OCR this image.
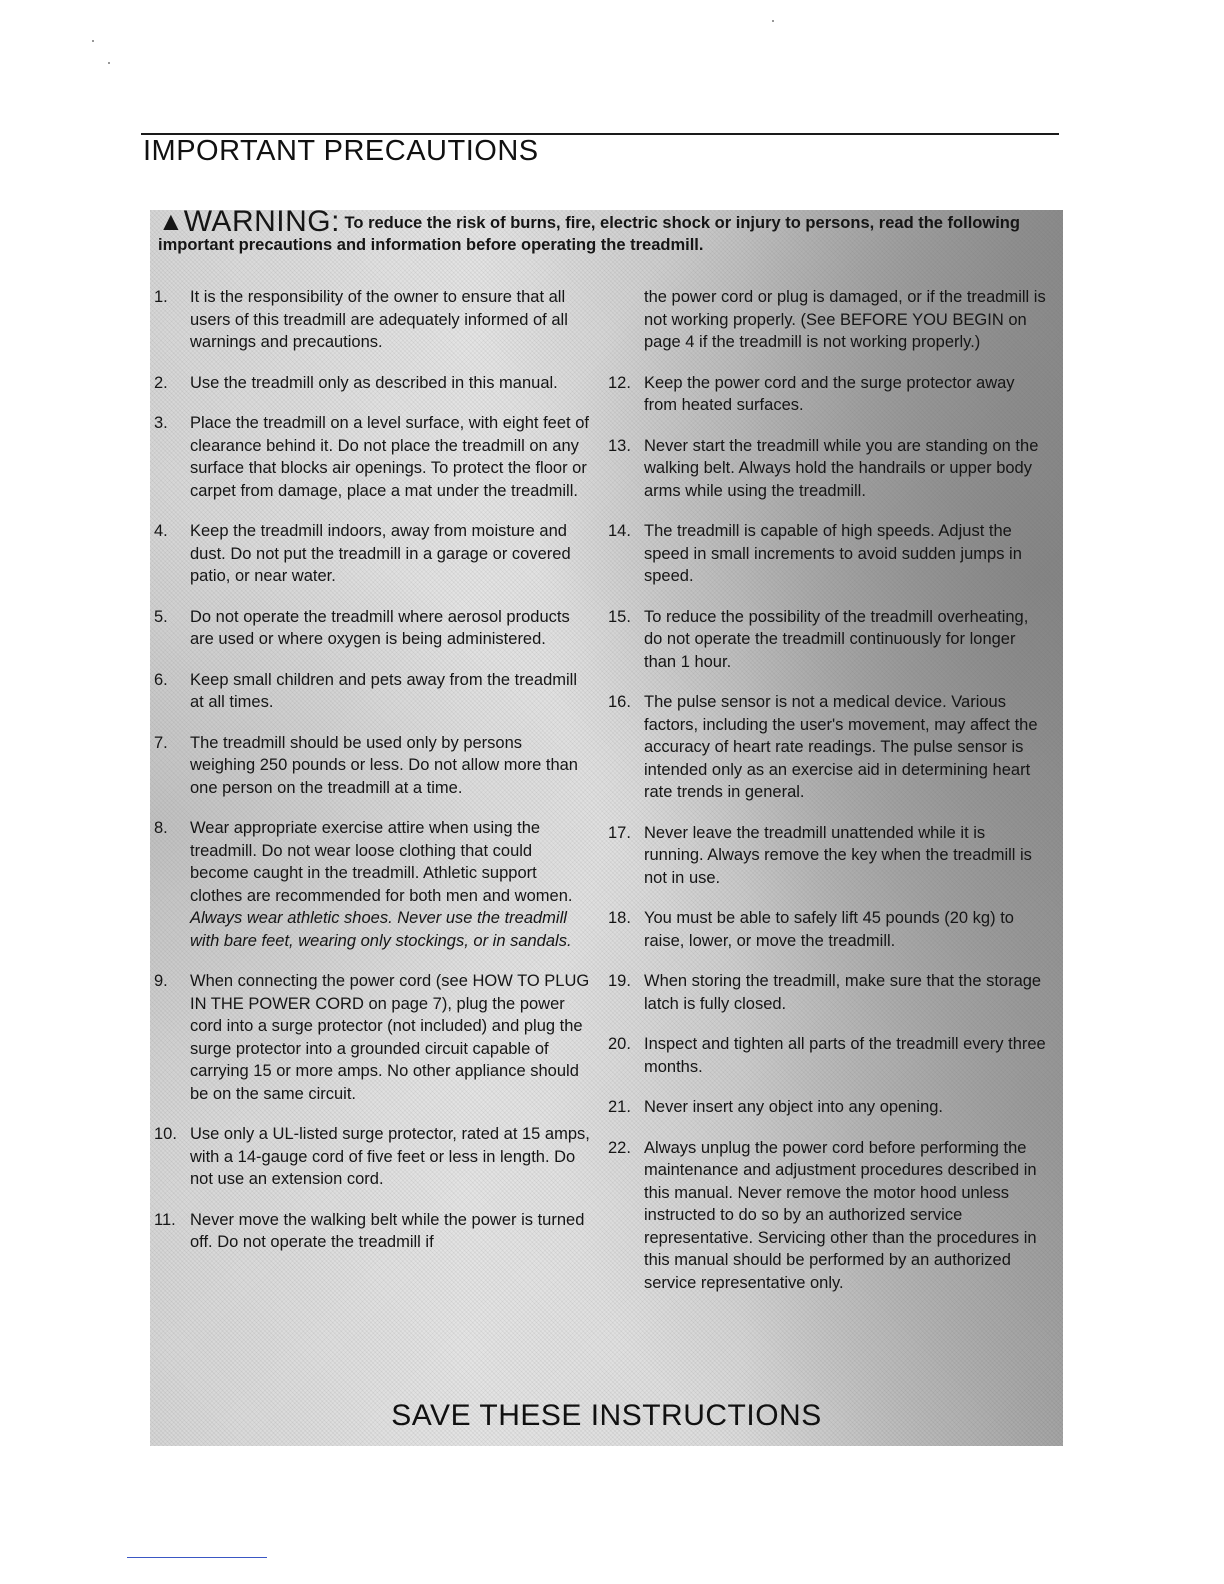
IMPORTANT PRECAUTIONS
▲WARNING: To reduce the risk of burns, fire, electric shock or injury to persons, read the following important precautions and information before operating the treadmill.
1.	It is the responsibility of the owner to ensure that all users of this treadmill are adequately informed of all warnings and precautions.
2.	Use the treadmill only as described in this manual.
3.	Place the treadmill on a level surface, with eight feet of clearance behind it. Do not place the treadmill on any surface that blocks air openings. To protect the floor or carpet from damage, place a mat under the treadmill.
4.	Keep the treadmill indoors, away from moisture and dust. Do not put the treadmill in a garage or covered patio, or near water.
5.	Do not operate the treadmill where aerosol products are used or where oxygen is being administered.
6.	Keep small children and pets away from the treadmill at all times.
7.	The treadmill should be used only by persons weighing 250 pounds or less. Do not allow more than one person on the treadmill at a time.
8.	Wear appropriate exercise attire when using the treadmill. Do not wear loose clothing that could become caught in the treadmill. Athletic support clothes are recommended for both men and women. Always wear athletic shoes. Never use the treadmill with bare feet, wearing only stockings, or in sandals.
9.	When connecting the power cord (see HOW TO PLUG IN THE POWER CORD on page 7), plug the power cord into a surge protector (not included) and plug the surge protector into a grounded circuit capable of carrying 15 or more amps. No other appliance should be on the same circuit.
10. Use only a UL-listed surge protector, rated at 15 amps, with a 14-gauge cord of five feet or less in length. Do not use an extension cord.
11. Never move the walking belt while the power is turned off. Do not operate the treadmill if
the power cord or plug is damaged, or if the treadmill is not working properly. (See BEFORE YOU BEGIN on page 4 if the treadmill is not working properly.)
12. Keep the power cord and the surge protector away from heated surfaces.
13. Never start the treadmill while you are standing on the walking belt. Always hold the handrails or upper body arms while using the treadmill.
14. The treadmill is capable of high speeds. Adjust the speed in small increments to avoid sudden jumps in speed.
15. To reduce the possibility of the treadmill overheating, do not operate the treadmill continuously for longer than 1 hour.
16. The pulse sensor is not a medical device. Various factors, including the user's movement, may affect the accuracy of heart rate readings. The pulse sensor is intended only as an exercise aid in determining heart rate trends in general.
17. Never leave the treadmill unattended while it is running. Always remove the key when the treadmill is not in use.
18. You must be able to safely lift 45 pounds (20 kg) to raise, lower, or move the treadmill.
19. When storing the treadmill, make sure that the storage latch is fully closed.
20. Inspect and tighten all parts of the treadmill every three months.
21. Never insert any object into any opening.
22. Always unplug the power cord before performing the maintenance and adjustment procedures described in this manual. Never remove the motor hood unless instructed to do so by an authorized service representative. Servicing other than the procedures in this manual should be performed by an authorized service representative only.
SAVE THESE INSTRUCTIONS
